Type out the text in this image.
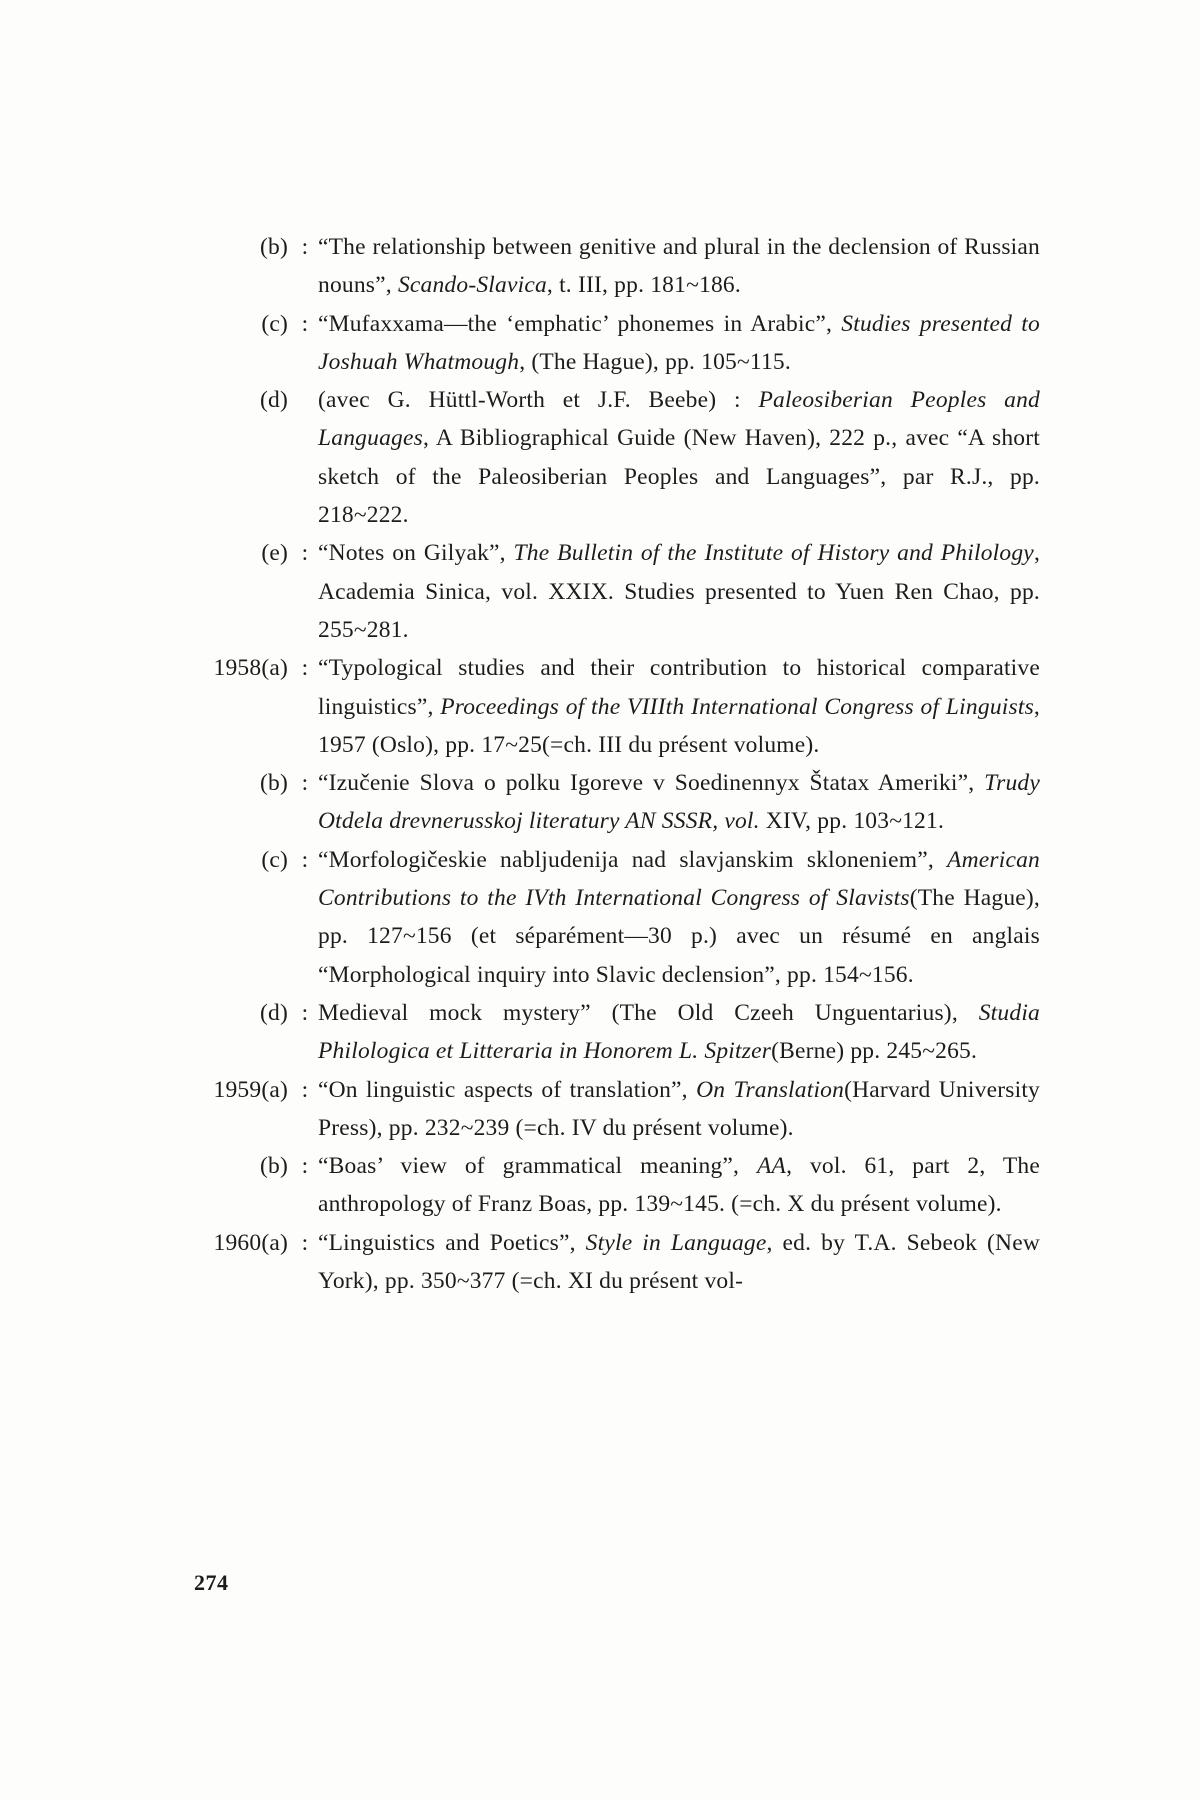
(b) : “The relationship between genitive and plural in the declension of Russian nouns”, Scando-Slavica, t. III, pp. 181~186.
(c) : “Mufaxxama—the ‘emphatic’ phonemes in Arabic”, Studies presented to Joshuah Whatmough, (The Hague), pp. 105~115.
(d) (avec G. Hüttl-Worth et J.F. Beebe) : Paleosiberian Peoples and Languages, A Bibliographical Guide (New Haven), 222 p., avec “A short sketch of the Paleosiberian Peoples and Languages”, par R.J., pp. 218~222.
(e) : “Notes on Gilyak”, The Bulletin of the Institute of History and Philology, Academia Sinica, vol. XXIX. Studies presented to Yuen Ren Chao, pp. 255~281.
1958(a) : “Typological studies and their contribution to historical comparative linguistics”, Proceedings of the VIIIth International Congress of Linguists, 1957 (Oslo), pp. 17~25(=ch. III du présent volume).
(b) : “Izučenie Slova o polku Igoreve v Soedinennyx Štatax Ameriki”, Trudy Otdela drevnerusskoj literatury AN SSSR, vol. XIV, pp. 103~121.
(c) : “Morfologičeskie nabljudenija nad slavjanskim skloneniem”, American Contributions to the IVth International Congress of Slavists(The Hague), pp. 127~156 (et séparément—30 p.) avec un résumé en anglais “Morphological inquiry into Slavic declension”, pp. 154~156.
(d) : Medieval mock mystery” (The Old Czeeh Unguentarius), Studia Philologica et Litteraria in Honorem L. Spitzer(Berne) pp. 245~265.
1959(a) : “On linguistic aspects of translation”, On Translation(Harvard University Press), pp. 232~239 (=ch. IV du présent volume).
(b) : “Boas’ view of grammatical meaning”, AA, vol. 61, part 2, The anthropology of Franz Boas, pp. 139~145. (=ch. X du présent volume).
1960(a) : “Linguistics and Poetics”, Style in Language, ed. by T.A. Sebeok (New York), pp. 350~377 (=ch. XI du présent vol-
274
